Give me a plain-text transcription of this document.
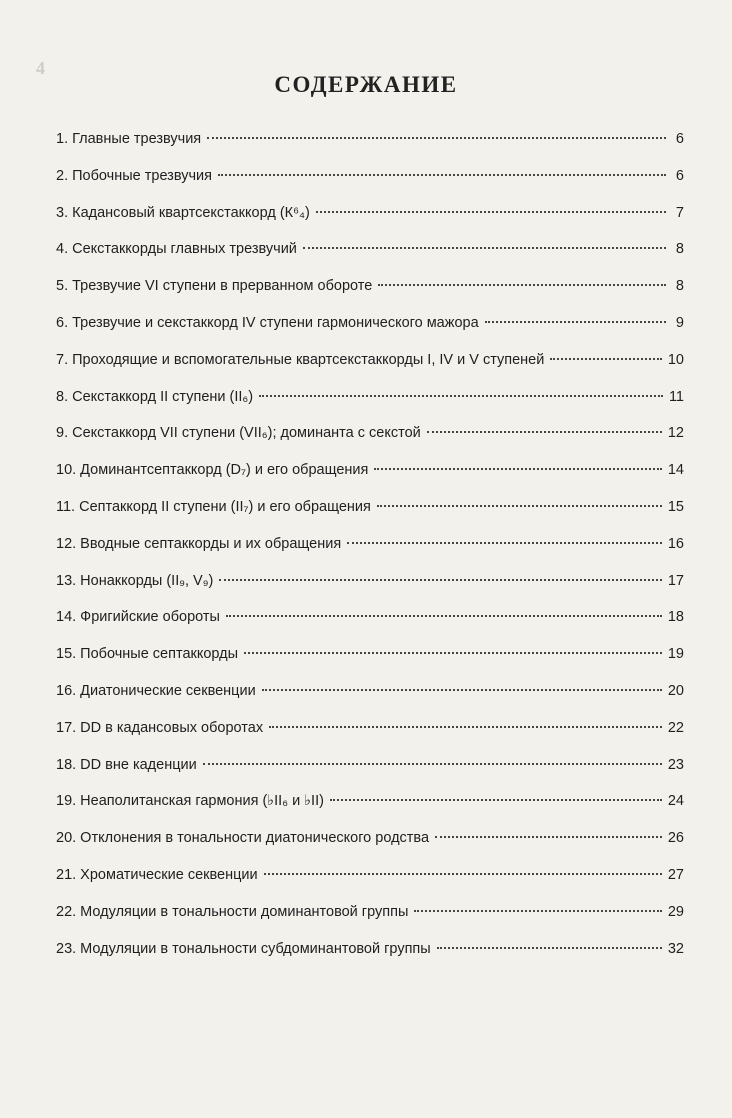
4
СОДЕРЖАНИЕ
1. Главные трезвучия	6
2. Побочные трезвучия	6
3. Кадансовый квартсекстаккорд (К⁶₄)	7
4. Секстаккорды главных трезвучий	8
5. Трезвучие VI ступени в прерванном обороте	8
6. Трезвучие и секстаккорд IV ступени гармонического мажора	9
7. Проходящие и вспомогательные квартсекстаккорды I, IV и V ступеней	10
8. Секстаккорд II ступени (II₆)	11
9. Секстаккорд VII ступени (VII₆); доминанта с секстой	12
10. Доминантсептаккорд (D₇) и его обращения	14
11. Септаккорд II ступени (II₇) и его обращения	15
12. Вводные септаккорды и их обращения	16
13. Нонаккорды (II₉, V₉)	17
14. Фригийские обороты	18
15. Побочные септаккорды	19
16. Диатонические секвенции	20
17. DD в кадансовых оборотах	22
18. DD вне каденции	23
19. Неаполитанская гармония (♭II₆ и ♭II)	24
20. Отклонения в тональности диатонического родства	26
21. Хроматические секвенции	27
22. Модуляции в тональности доминантовой группы	29
23. Модуляции в тональности субдоминантовой группы	32
